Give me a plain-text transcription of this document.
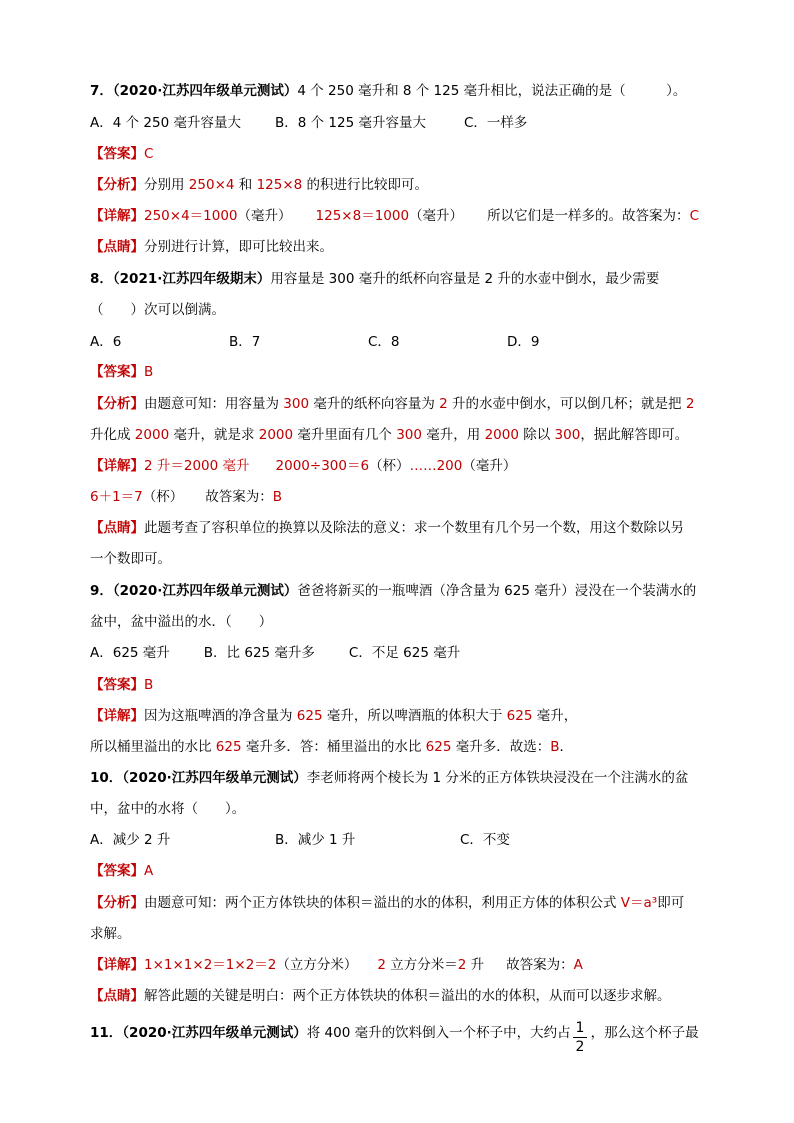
7．（2020·江苏四年级单元测试）4 个 250 毫升和 8 个 125 毫升相比，说法正确的是（　　　）。
A．4 个 250 毫升容量大	B．8 个 125 毫升容量大	C．一样多
【答案】C
【分析】分别用 250×4 和 125×8 的积进行比较即可。
【详解】250×4＝1000（毫升） 125×8＝1000（毫升） 所以它们是一样多的。故答案为：C
【点睛】分别进行计算，即可比较出来。
8．（2021·江苏四年级期末）用容量是 300 毫升的纸杯向容量是 2 升的水壶中倒水，最少需要
（　　）次可以倒满。
A．6	B．7	C．8	D．9
【答案】B
【分析】由题意可知：用容量为 300 毫升的纸杯向容量为 2 升的水壶中倒水，可以倒几杯；就是把 2
升化成 2000 毫升，就是求 2000 毫升里面有几个 300 毫升，用 2000 除以 300，据此解答即可。
【详解】2 升＝2000 毫升 2000÷300＝6（杯）……200（毫升）
6＋1＝7（杯） 故答案为：B
【点睛】此题考查了容积单位的换算以及除法的意义：求一个数里有几个另一个数，用这个数除以另
一个数即可。
9．（2020·江苏四年级单元测试）爸爸将新买的一瓶啤酒（净含量为 625 毫升）浸没在一个装满水的
盆中，盆中溢出的水．（　　）
A．625 毫升	B．比 625 毫升多	C．不足 625 毫升
【答案】B
【详解】因为这瓶啤酒的净含量为 625 毫升，所以啤酒瓶的体积大于 625 毫升，
所以桶里溢出的水比 625 毫升多．答：桶里溢出的水比 625 毫升多．故选：B．
10．（2020·江苏四年级单元测试）李老师将两个棱长为 1 分米的正方体铁块浸没在一个注满水的盆
中，盆中的水将（　　）。
A．减少 2 升	B．减少 1 升	C．不变
【答案】A
【分析】由题意可知：两个正方体铁块的体积＝溢出的水的体积，利用正方体的体积公式 V＝a³即可
求解。
【详解】1×1×1×2＝1×2＝2（立方分米） 2 立方分米＝2 升 故答案为：A
【点睛】解答此题的关键是明白：两个正方体铁块的体积＝溢出的水的体积，从而可以逐步求解。
11．（2020·江苏四年级单元测试）将 400 毫升的饮料倒入一个杯子中，大约占 ，那么这个杯子最
1
2
